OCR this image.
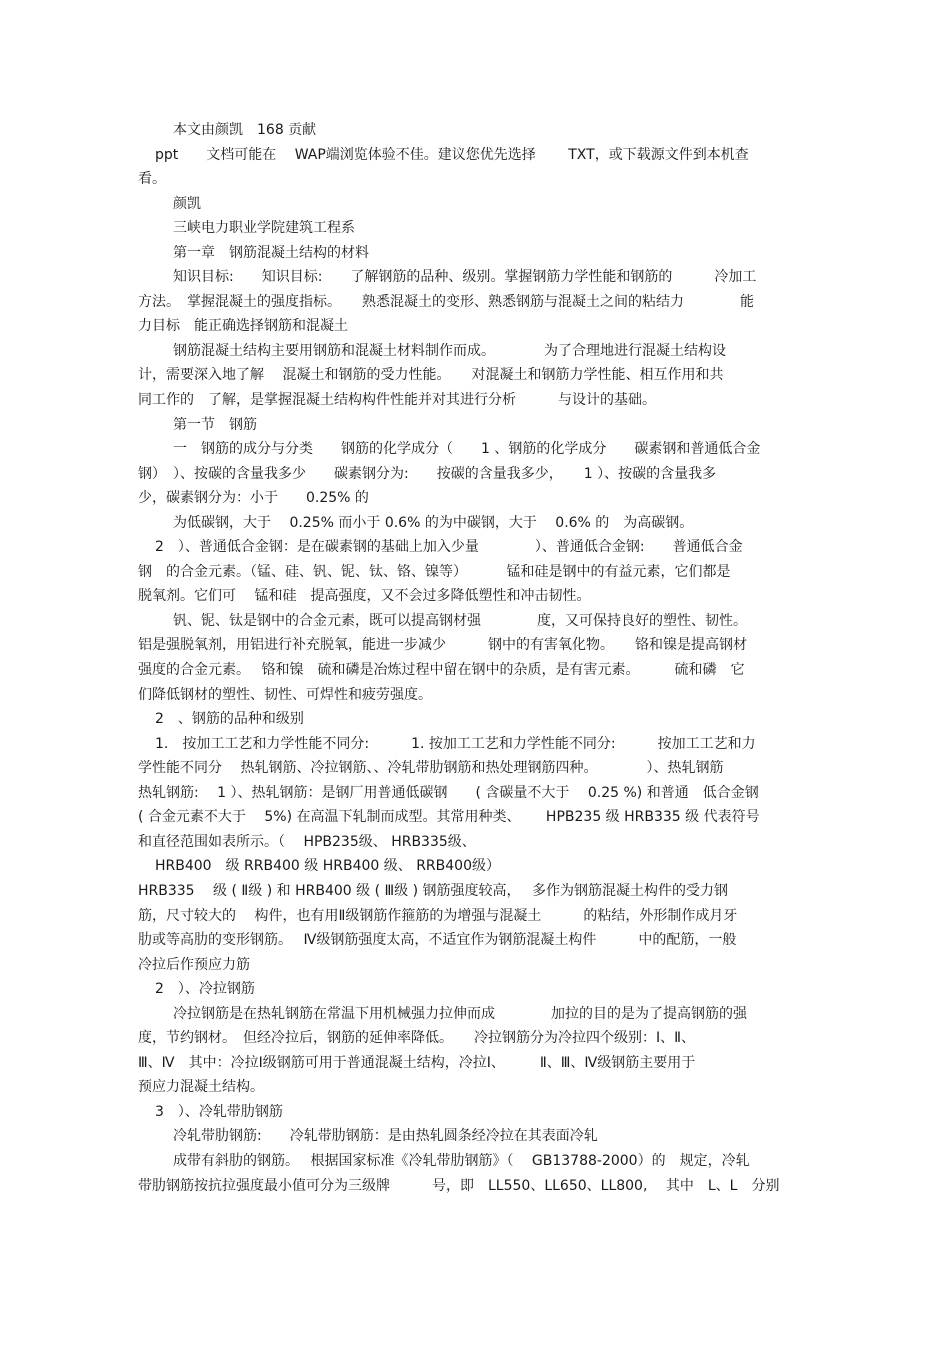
本文由颜凯　168 贡献
ppt　　文档可能在　 WAP端浏览体验不佳。建议您优先选择　　 TXT，或下载源文件到本机查
看。
颜凯
三峡电力职业学院建筑工程系
第一章　钢筋混凝土结构的材料
知识目标:　　知识目标:　　了解钢筋的品种、级别。掌握钢筋力学性能和钢筋的　　　冷加工
方法。　掌握混凝土的强度指标。　　熟悉混凝土的变形、熟悉钢筋与混凝土之间的粘结力　　　　能
力目标　能正确选择钢筋和混凝土
钢筋混凝土结构主要用钢筋和混凝土材料制作而成。　　　　为了合理地进行混凝土结构设
计，需要深入地了解　 混凝土和钢筋的受力性能。　　对混凝土和钢筋力学性能、相互作用和共
同工作的　了解，是掌握混凝土结构构件性能并对其进行分析　　　与设计的基础。
第一节　钢筋
一　钢筋的成分与分类　　钢筋的化学成分（　　1 、钢筋的化学成分　　碳素钢和普通低合金
钢）　）、按碳的含量我多少　　碳素钢分为:　　按碳的含量我多少，　　1 ）、按碳的含量我多
少，碳素钢分为：小于　　0.25% 的
为低碳钢，大于　 0.25% 而小于 0.6% 的为中碳钢，大于　 0.6% 的　为高碳钢。
2　）、普通低合金钢：是在碳素钢的基础上加入少量　　　　）、普通低合金钢:　　普通低合金
钢　的合金元素。（锰、硅、钒、铌、钛、铬、镍等）　　　 锰和硅是钢中的有益元素，它们都是
脱氧剂。它们可　 锰和硅　提高强度，又不会过多降低塑性和冲击韧性。
钒、铌、钛是钢中的合金元素，既可以提高钢材强　　　　度，又可保持良好的塑性、韧性。
铝是强脱氧剂，用铝进行补充脱氧，能进一步减少　　　钢中的有害氧化物。　　铬和镍是提高钢材
强度的合金元素。　 铬和镍　硫和磷是冶炼过程中留在钢中的杂质，是有害元素。　　　硫和磷　它
们降低钢材的塑性、韧性、可焊性和疲劳强度。
2　、钢筋的品种和级别
1.　按加工工艺和力学性能不同分:　　　1. 按加工工艺和力学性能不同分:　　　按加工工艺和力
学性能不同分　 热轧钢筋、冷拉钢筋、、冷轧带肋钢筋和热处理钢筋四种。　　　　）、热轧钢筋
热轧钢筋:　 1 ）、热轧钢筋：是钢厂用普通低碳钢　　( 含碳量不大于　 0.25 %) 和普通　低合金钢
( 合金元素不大于　 5%) 在高温下轧制而成型。其常用种类、　　 HPB235 级 HRB335 级 代表符号
和直径范围如表所示。（　 HPB235级、 HRB335级、
HRB400　级 RRB400 级 HRB400 级、 RRB400级）
HRB335　 级 ( Ⅱ级 ) 和 HRB400 级 ( Ⅲ级 ) 钢筋强度较高，　 多作为钢筋混凝土构件的受力钢
筋，尺寸较大的　 构件，也有用Ⅱ级钢筋作箍筋的为增强与混凝土　　　的粘结，外形制作成月牙
肋或等高肋的变形钢筋。　 Ⅳ级钢筋强度太高，不适宜作为钢筋混凝土构件　　　中的配筋，一般
冷拉后作预应力筋
2　）、冷拉钢筋
冷拉钢筋是在热轧钢筋在常温下用机械强力拉伸而成　　　　加拉的目的是为了提高钢筋的强
度，节约钢材。　但经冷拉后，钢筋的延伸率降低。　　冷拉钢筋分为冷拉四个级别：Ⅰ、Ⅱ、
Ⅲ、Ⅳ　其中：冷拉Ⅰ级钢筋可用于普通混凝土结构，冷拉Ⅰ、　　　Ⅱ、Ⅲ、Ⅳ级钢筋主要用于
预应力混凝土结构。
3　）、冷轧带肋钢筋
冷轧带肋钢筋:　　冷轧带肋钢筋：是由热轧圆条经冷拉在其表面冷轧
成带有斜肋的钢筋。　 根据国家标准《冷轧带肋钢筋》（　 GB13788-2000）的　规定，冷轧
带肋钢筋按抗拉强度最小值可分为三级牌　　　号，即　LL550、LL650、LL800,　 其中　L、L　分别
